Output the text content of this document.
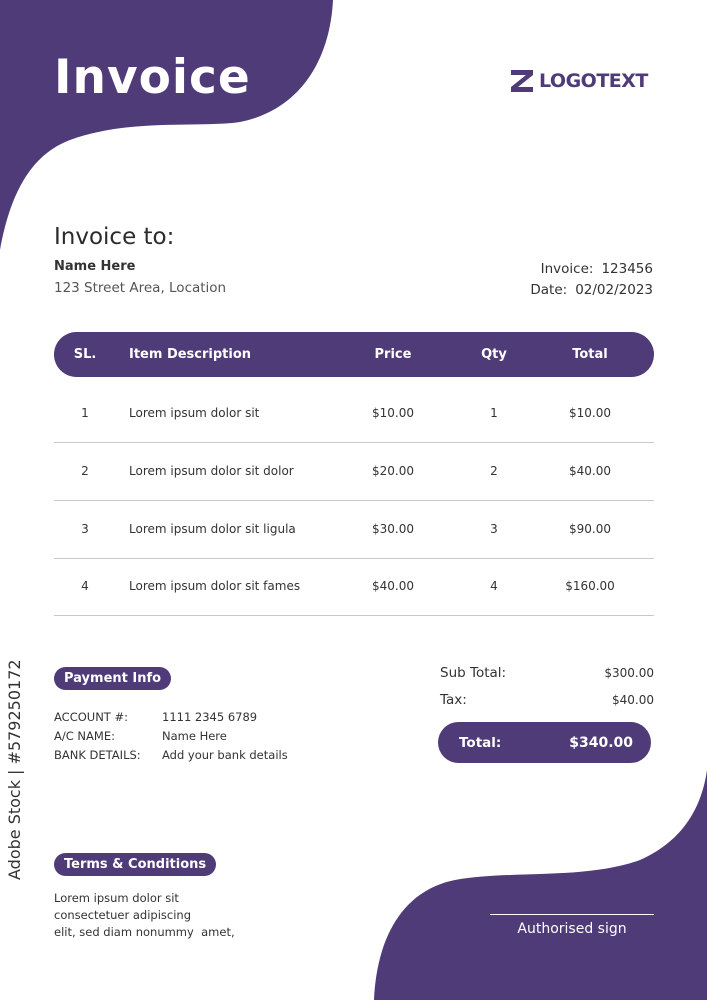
Invoice	LOGOTEXT
Invoice to:
Name Here
123 Street Area, Location
Invoice: 123456
Date: 02/02/2023
SL.	Item Description	Price	Qty	Total
1	Lorem ipsum dolor sit	$10.00	1	$10.00
2	Lorem ipsum dolor sit dolor	$20.00	2	$40.00
3	Lorem ipsum dolor sit ligula	$30.00	3	$90.00
4	Lorem ipsum dolor sit fames	$40.00	4	$160.00
Payment Info
ACCOUNT #:	1111 2345 6789
A/C NAME:	Name Here
BANK DETAILS: Add your bank details
Sub Total:	$300.00
Tax:	$40.00
Total:	$340.00
Terms & Conditions
Lorem ipsum dolor sit
consectetuer adipiscing
elit, sed diam nonummy  amet,	Authorised sign
Adobe Stock | #579250172
